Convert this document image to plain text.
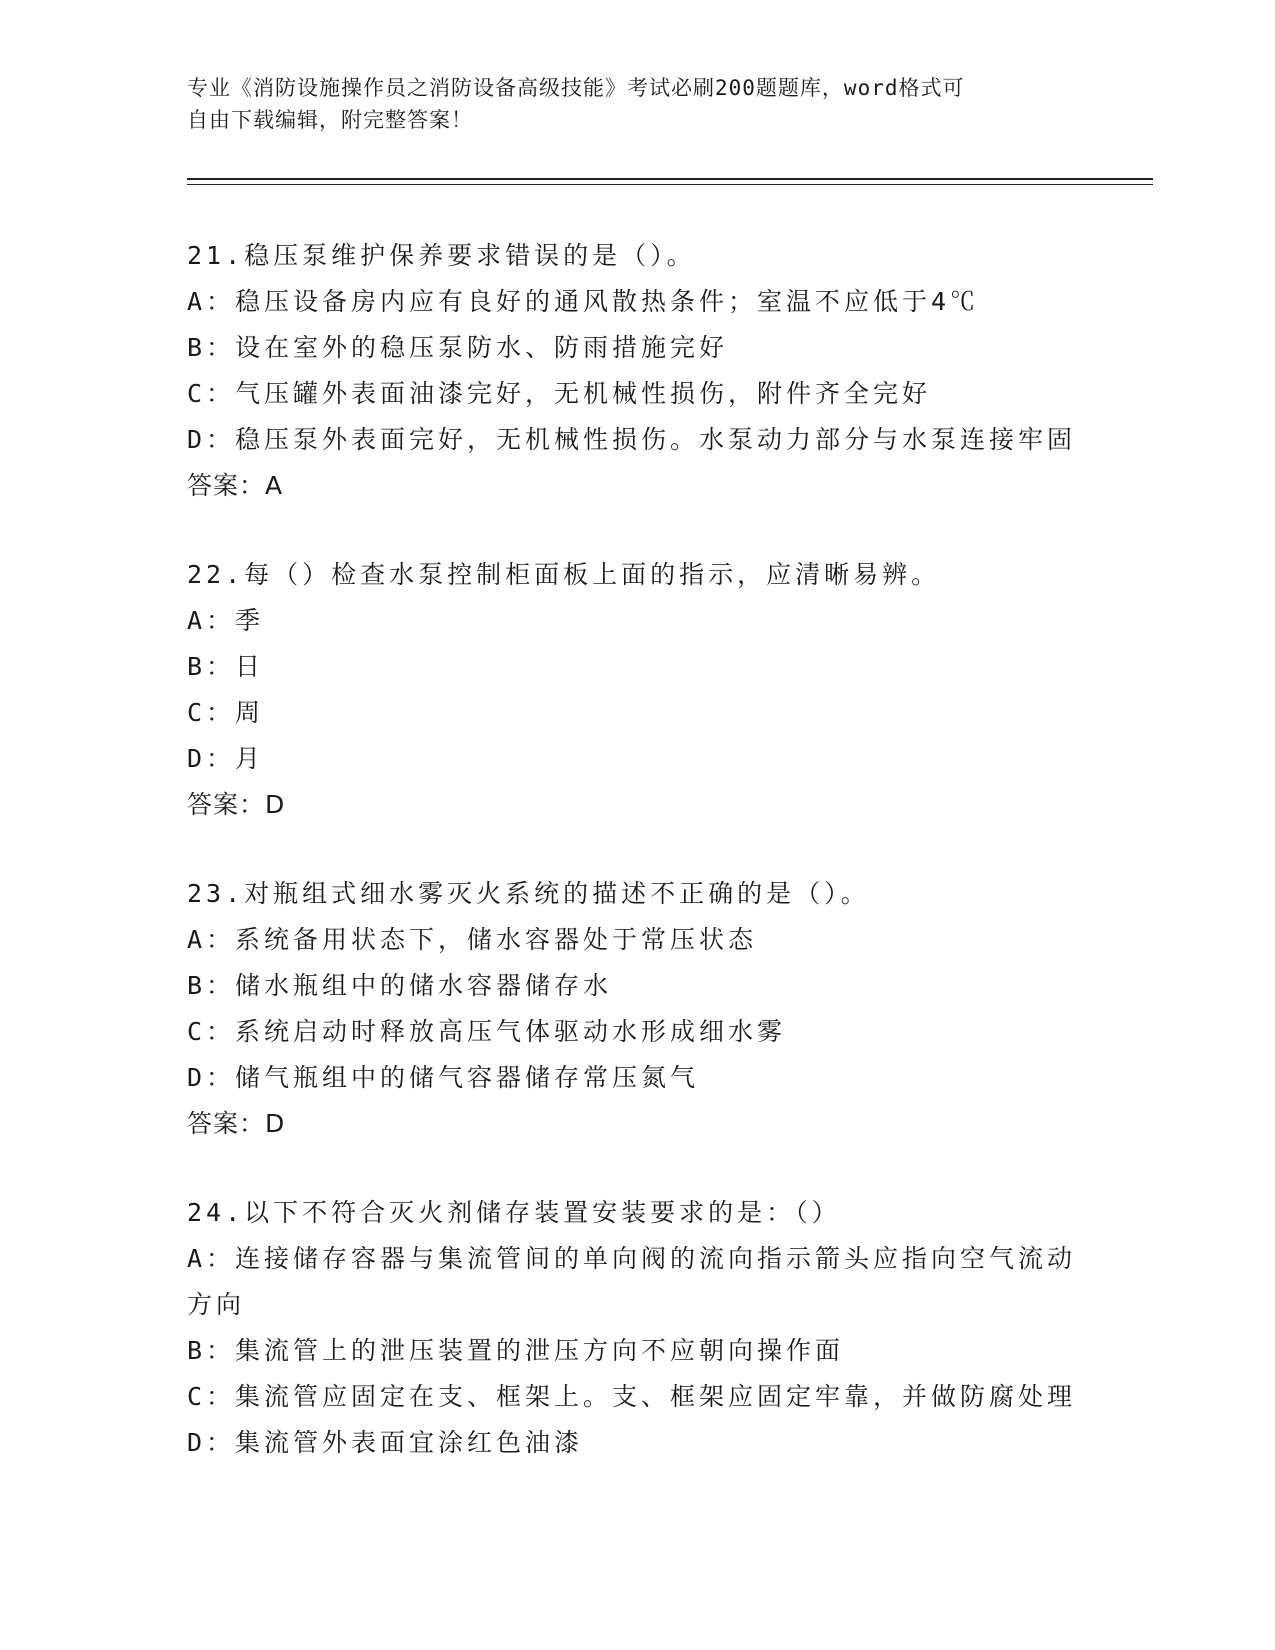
专业《消防设施操作员之消防设备高级技能》考试必刷200题题库，word格式可
自由下载编辑，附完整答案！

21.稳压泵维护保养要求错误的是（）。

A：稳压设备房内应有良好的通风散热条件；室温不应低于4℃

B：设在室外的稳压泵防水、防雨措施完好

C：气压罐外表面油漆完好，无机械性损伤，附件齐全完好

D：稳压泵外表面完好，无机械性损伤。水泵动力部分与水泵连接牢固

答案：A

22.每（）检查水泵控制柜面板上面的指示，应清晰易辨。

A：季

B：日

C：周

D：月

答案：D

23.对瓶组式细水雾灭火系统的描述不正确的是（）。

A：系统备用状态下，储水容器处于常压状态

B：储水瓶组中的储水容器储存水

C：系统启动时释放高压气体驱动水形成细水雾

D：储气瓶组中的储气容器储存常压氮气

答案：D

24.以下不符合灭火剂储存装置安装要求的是：（）

A：连接储存容器与集流管间的单向阀的流向指示箭头应指向空气流动方向

B：集流管上的泄压装置的泄压方向不应朝向操作面

C：集流管应固定在支、框架上。支、框架应固定牢靠，并做防腐处理

D：集流管外表面宜涂红色油漆
